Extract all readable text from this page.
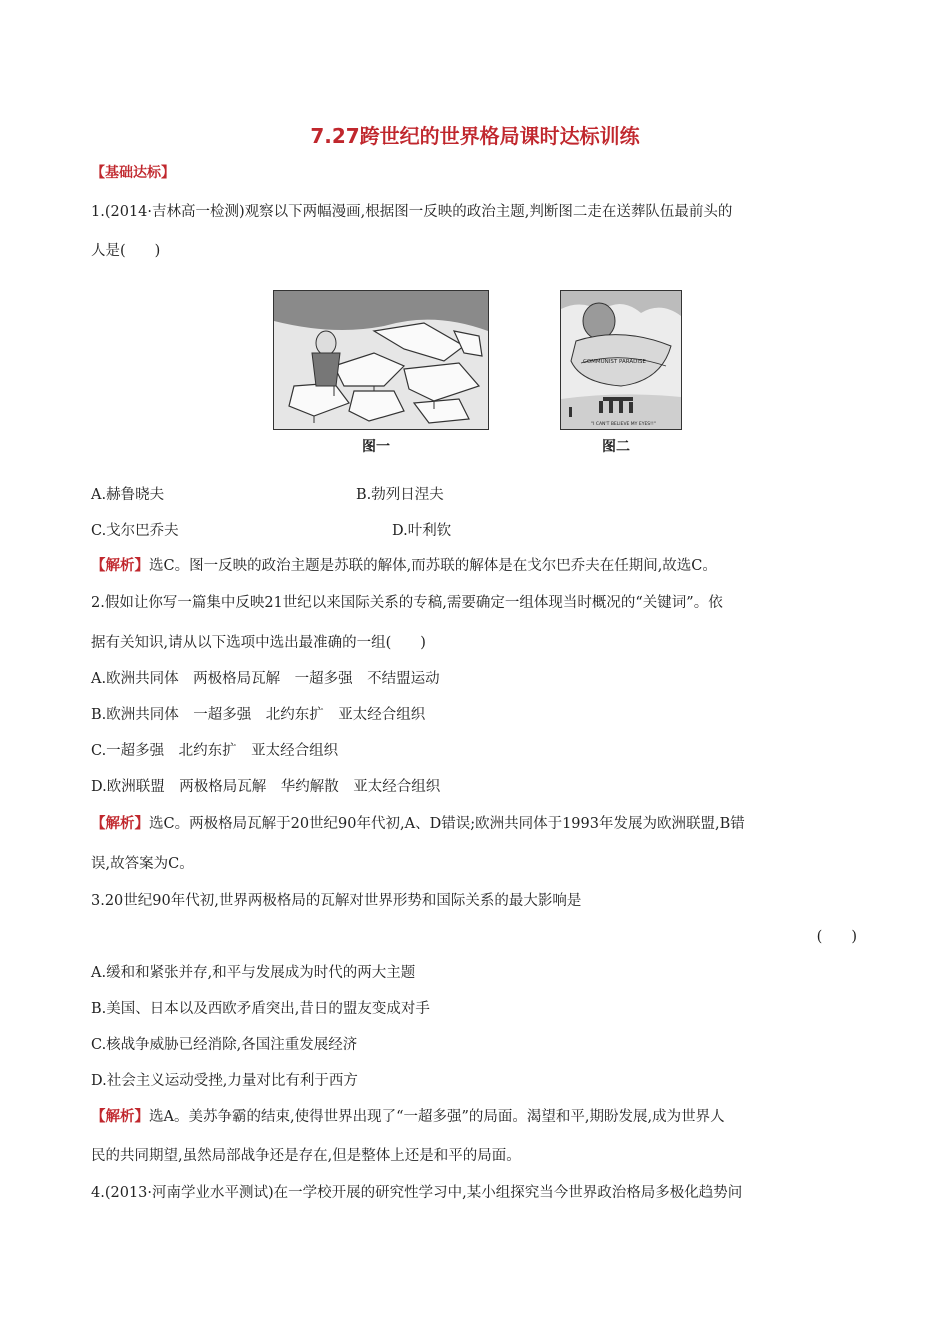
7.27跨世纪的世界格局课时达标训练
【基础达标】
1.(2014·吉林高一检测)观察以下两幅漫画,根据图一反映的政治主题,判断图二走在送葬队伍最前头的
人是(　　)
COMMUNIST PARADISE
"I CAN'T BELIEVE MY EYES!!"
图一	图二
A.赫鲁晓夫	B.勃列日涅夫
C.戈尔巴乔夫	D.叶利钦
【解析】选C。图一反映的政治主题是苏联的解体,而苏联的解体是在戈尔巴乔夫在任期间,故选C。
2.假如让你写一篇集中反映21世纪以来国际关系的专稿,需要确定一组体现当时概况的“关键词”。依
据有关知识,请从以下选项中选出最准确的一组(　　)
A.欧洲共同体　两极格局瓦解　一超多强　不结盟运动
B.欧洲共同体　一超多强　北约东扩　亚太经合组织
C.一超多强　北约东扩　亚太经合组织
D.欧洲联盟　两极格局瓦解　华约解散　亚太经合组织
【解析】选C。两极格局瓦解于20世纪90年代初,A、D错误;欧洲共同体于1993年发展为欧洲联盟,B错
误,故答案为C。
3.20世纪90年代初,世界两极格局的瓦解对世界形势和国际关系的最大影响是
(　　)
A.缓和和紧张并存,和平与发展成为时代的两大主题
B.美国、日本以及西欧矛盾突出,昔日的盟友变成对手
C.核战争威胁已经消除,各国注重发展经济
D.社会主义运动受挫,力量对比有利于西方
【解析】选A。美苏争霸的结束,使得世界出现了“一超多强”的局面。渴望和平,期盼发展,成为世界人
民的共同期望,虽然局部战争还是存在,但是整体上还是和平的局面。
4.(2013·河南学业水平测试)在一学校开展的研究性学习中,某小组探究当今世界政治格局多极化趋势问
